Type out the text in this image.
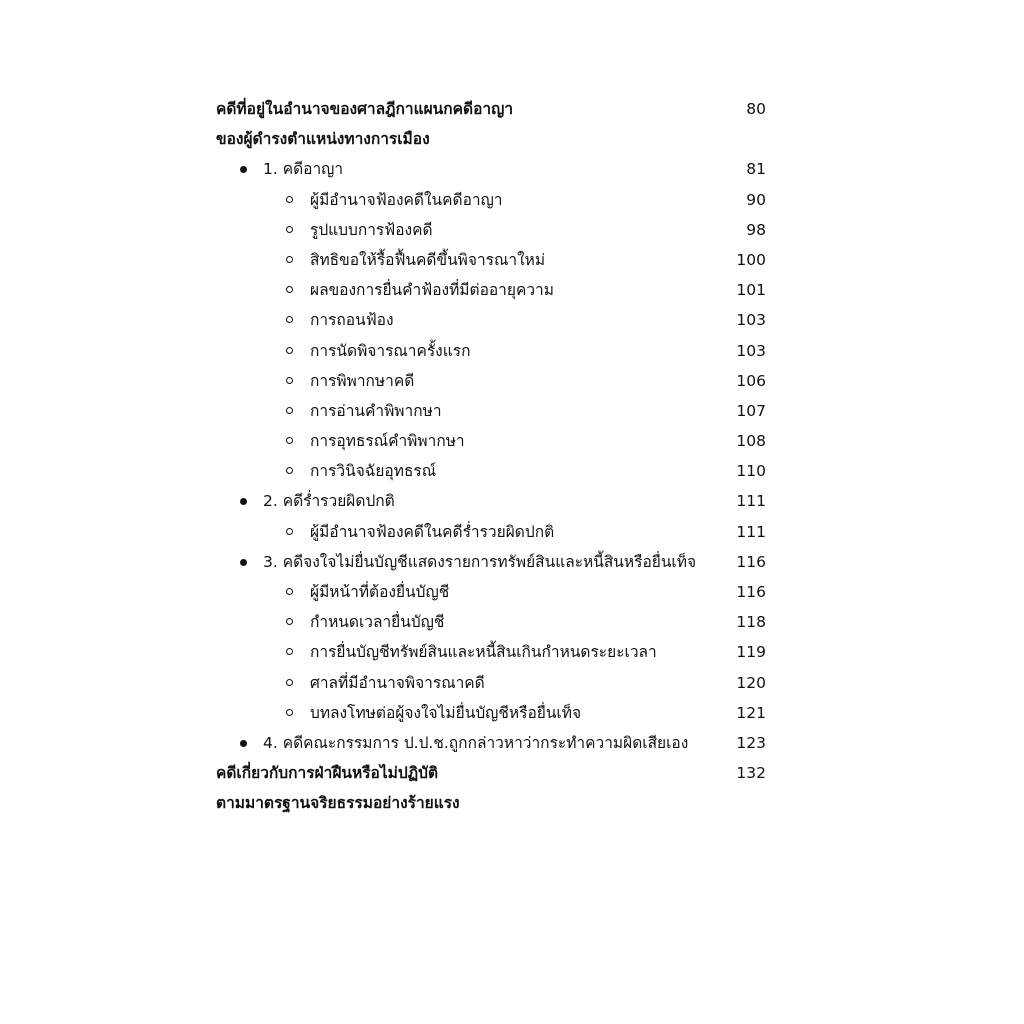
คดีที่อยู่ในอำนาจของศาลฎีกาแผนกคดีอาญา	80
ของผู้ดำรงตำแหน่งทางการเมือง
1. คดีอาญา	81
ผู้มีอำนาจฟ้องคดีในคดีอาญา	90
รูปแบบการฟ้องคดี	98
สิทธิขอให้รื้อฟื้นคดีขึ้นพิจารณาใหม่	100
ผลของการยื่นคำฟ้องที่มีต่ออายุความ	101
การถอนฟ้อง	103
การนัดพิจารณาครั้งแรก	103
การพิพากษาคดี	106
การอ่านคำพิพากษา	107
การอุทธรณ์คำพิพากษา	108
การวินิจฉัยอุทธรณ์	110
2. คดีร่ำรวยผิดปกติ	111
ผู้มีอำนาจฟ้องคดีในคดีร่ำรวยผิดปกติ	111
3. คดีจงใจไม่ยื่นบัญชีแสดงรายการทรัพย์สินและหนี้สินหรือยื่นเท็จ	116
ผู้มีหน้าที่ต้องยื่นบัญชี	116
กำหนดเวลายื่นบัญชี	118
การยื่นบัญชีทรัพย์สินและหนี้สินเกินกำหนดระยะเวลา	119
ศาลที่มีอำนาจพิจารณาคดี	120
บทลงโทษต่อผู้จงใจไม่ยื่นบัญชีหรือยื่นเท็จ	121
4. คดีคณะกรรมการ ป.ป.ช.ถูกกล่าวหาว่ากระทำความผิดเสียเอง	123
คดีเกี่ยวกับการฝ่าฝืนหรือไม่ปฏิบัติ	132
ตามมาตรฐานจริยธรรมอย่างร้ายแรง
